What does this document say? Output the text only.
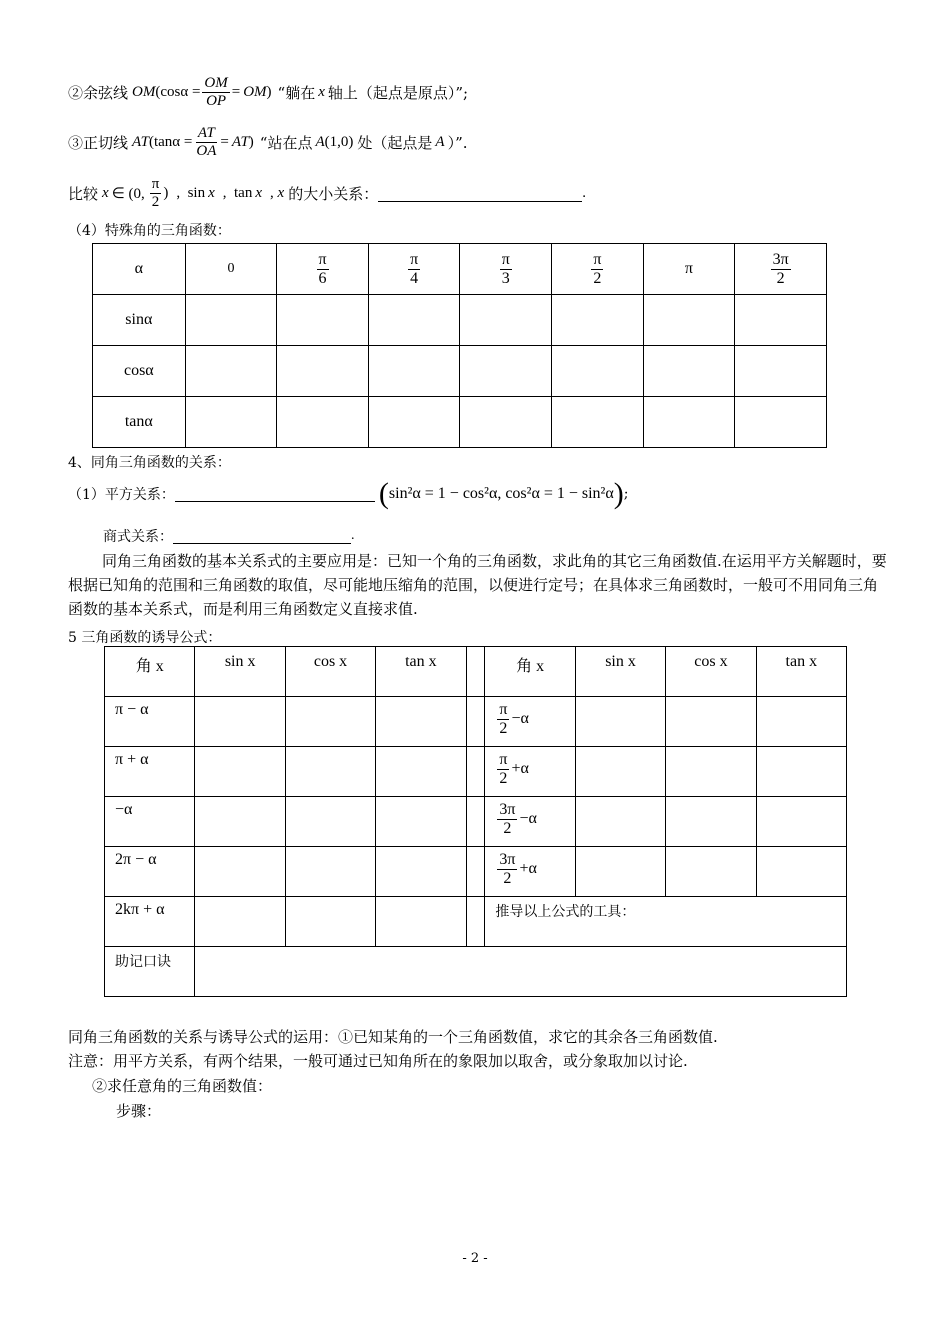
②余弦线 OM (cos $\alpha = \frac{OM}{OP}$ = OM ) “躺在 x 轴上（起点是原点）”;
③正切线 AT (tan $\alpha = \frac{AT}{OA}$ = AT ) “站在点 A (1,0) 处（起点是 A ）”.
比较 x ∈ (0, $\frac{\pi}{2}$ ) ,  sin x ,  tan x , x 的大小关系：	.
（4）特殊角的三角函数：
α	0	$\frac{\pi}{6}$	$\frac{\pi}{4}$	$\frac{\pi}{3}$	$\frac{\pi}{2}$	π	$\frac{3\pi}{2}$

sinα							
cosα							
tanα							
4、同角三角函数的关系：
（1）平方关系：	( sin²α = 1 − cos²α, cos²α = 1 − sin²α ) ;
商式关系：	.
同角三角函数的基本关系式的主要应用是：已知一个角的三角函数，求此角的其它三角函数值.在运用平方关解题时，要根据已知角的范围和三角函数的取值，尽可能地压缩角的范围，以便进行定号；在具体求三角函数时，一般可不用同角三角函数的基本关系式，而是利用三角函数定义直接求值.
5 三角函数的诱导公式：
角 x	sin x	cos x	tan x		角 x	sin x	cos x	tan x
π − α					$\frac{\pi}{2} -\alpha$			
π + α					$\frac{\pi}{2} +\alpha$			
−α					$\frac{3\pi}{2} -\alpha$			
2π − α					$\frac{3\pi}{2} +\alpha$			
2kπ + α					推导以上公式的工具：			
助记口诀								
同角三角函数的关系与诱导公式的运用：①已知某角的一个三角函数值，求它的其余各三角函数值.
注意：用平方关系，有两个结果，一般可通过已知角所在的象限加以取舍，或分象取加以讨论.
②求任意角的三角函数值：
步骤：
- 2 -
